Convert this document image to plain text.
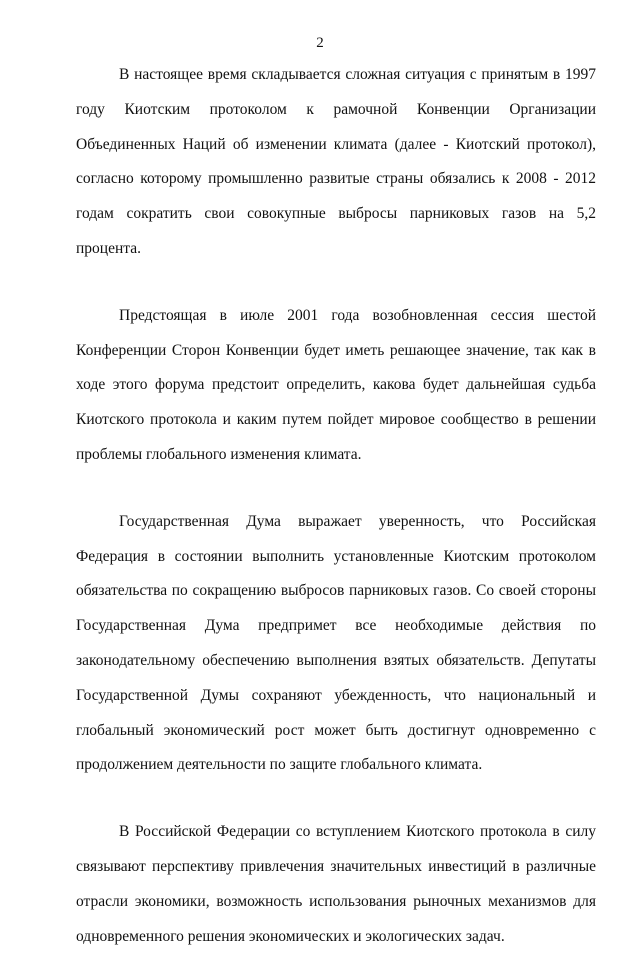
2
В настоящее время складывается сложная ситуация с принятым в 1997
году Киотским протоколом к рамочной Конвенции Организации
Объединенных Наций об изменении климата (далее - Киотский протокол),
согласно которому промышленно развитые страны обязались к 2008 - 2012
годам сократить свои совокупные выбросы парниковых газов на 5,2
процента.
Предстоящая в июле 2001 года возобновленная сессия шестой
Конференции Сторон Конвенции будет иметь решающее значение, так как в
ходе этого форума предстоит определить, какова будет дальнейшая судьба
Киотского протокола и каким путем пойдет мировое сообщество в решении
проблемы глобального изменения климата.
Государственная Дума выражает уверенность, что Российская
Федерация в состоянии выполнить установленные Киотским протоколом
обязательства по сокращению выбросов парниковых газов. Со своей стороны
Государственная Дума предпримет все необходимые действия по
законодательному обеспечению выполнения взятых обязательств. Депутаты
Государственной Думы сохраняют убежденность, что национальный и
глобальный экономический рост может быть достигнут одновременно с
продолжением деятельности по защите глобального климата.
В Российской Федерации со вступлением Киотского протокола в силу
связывают перспективу привлечения значительных инвестиций в различные
отрасли экономики, возможность использования рыночных механизмов для
одновременного решения экономических и экологических задач.
